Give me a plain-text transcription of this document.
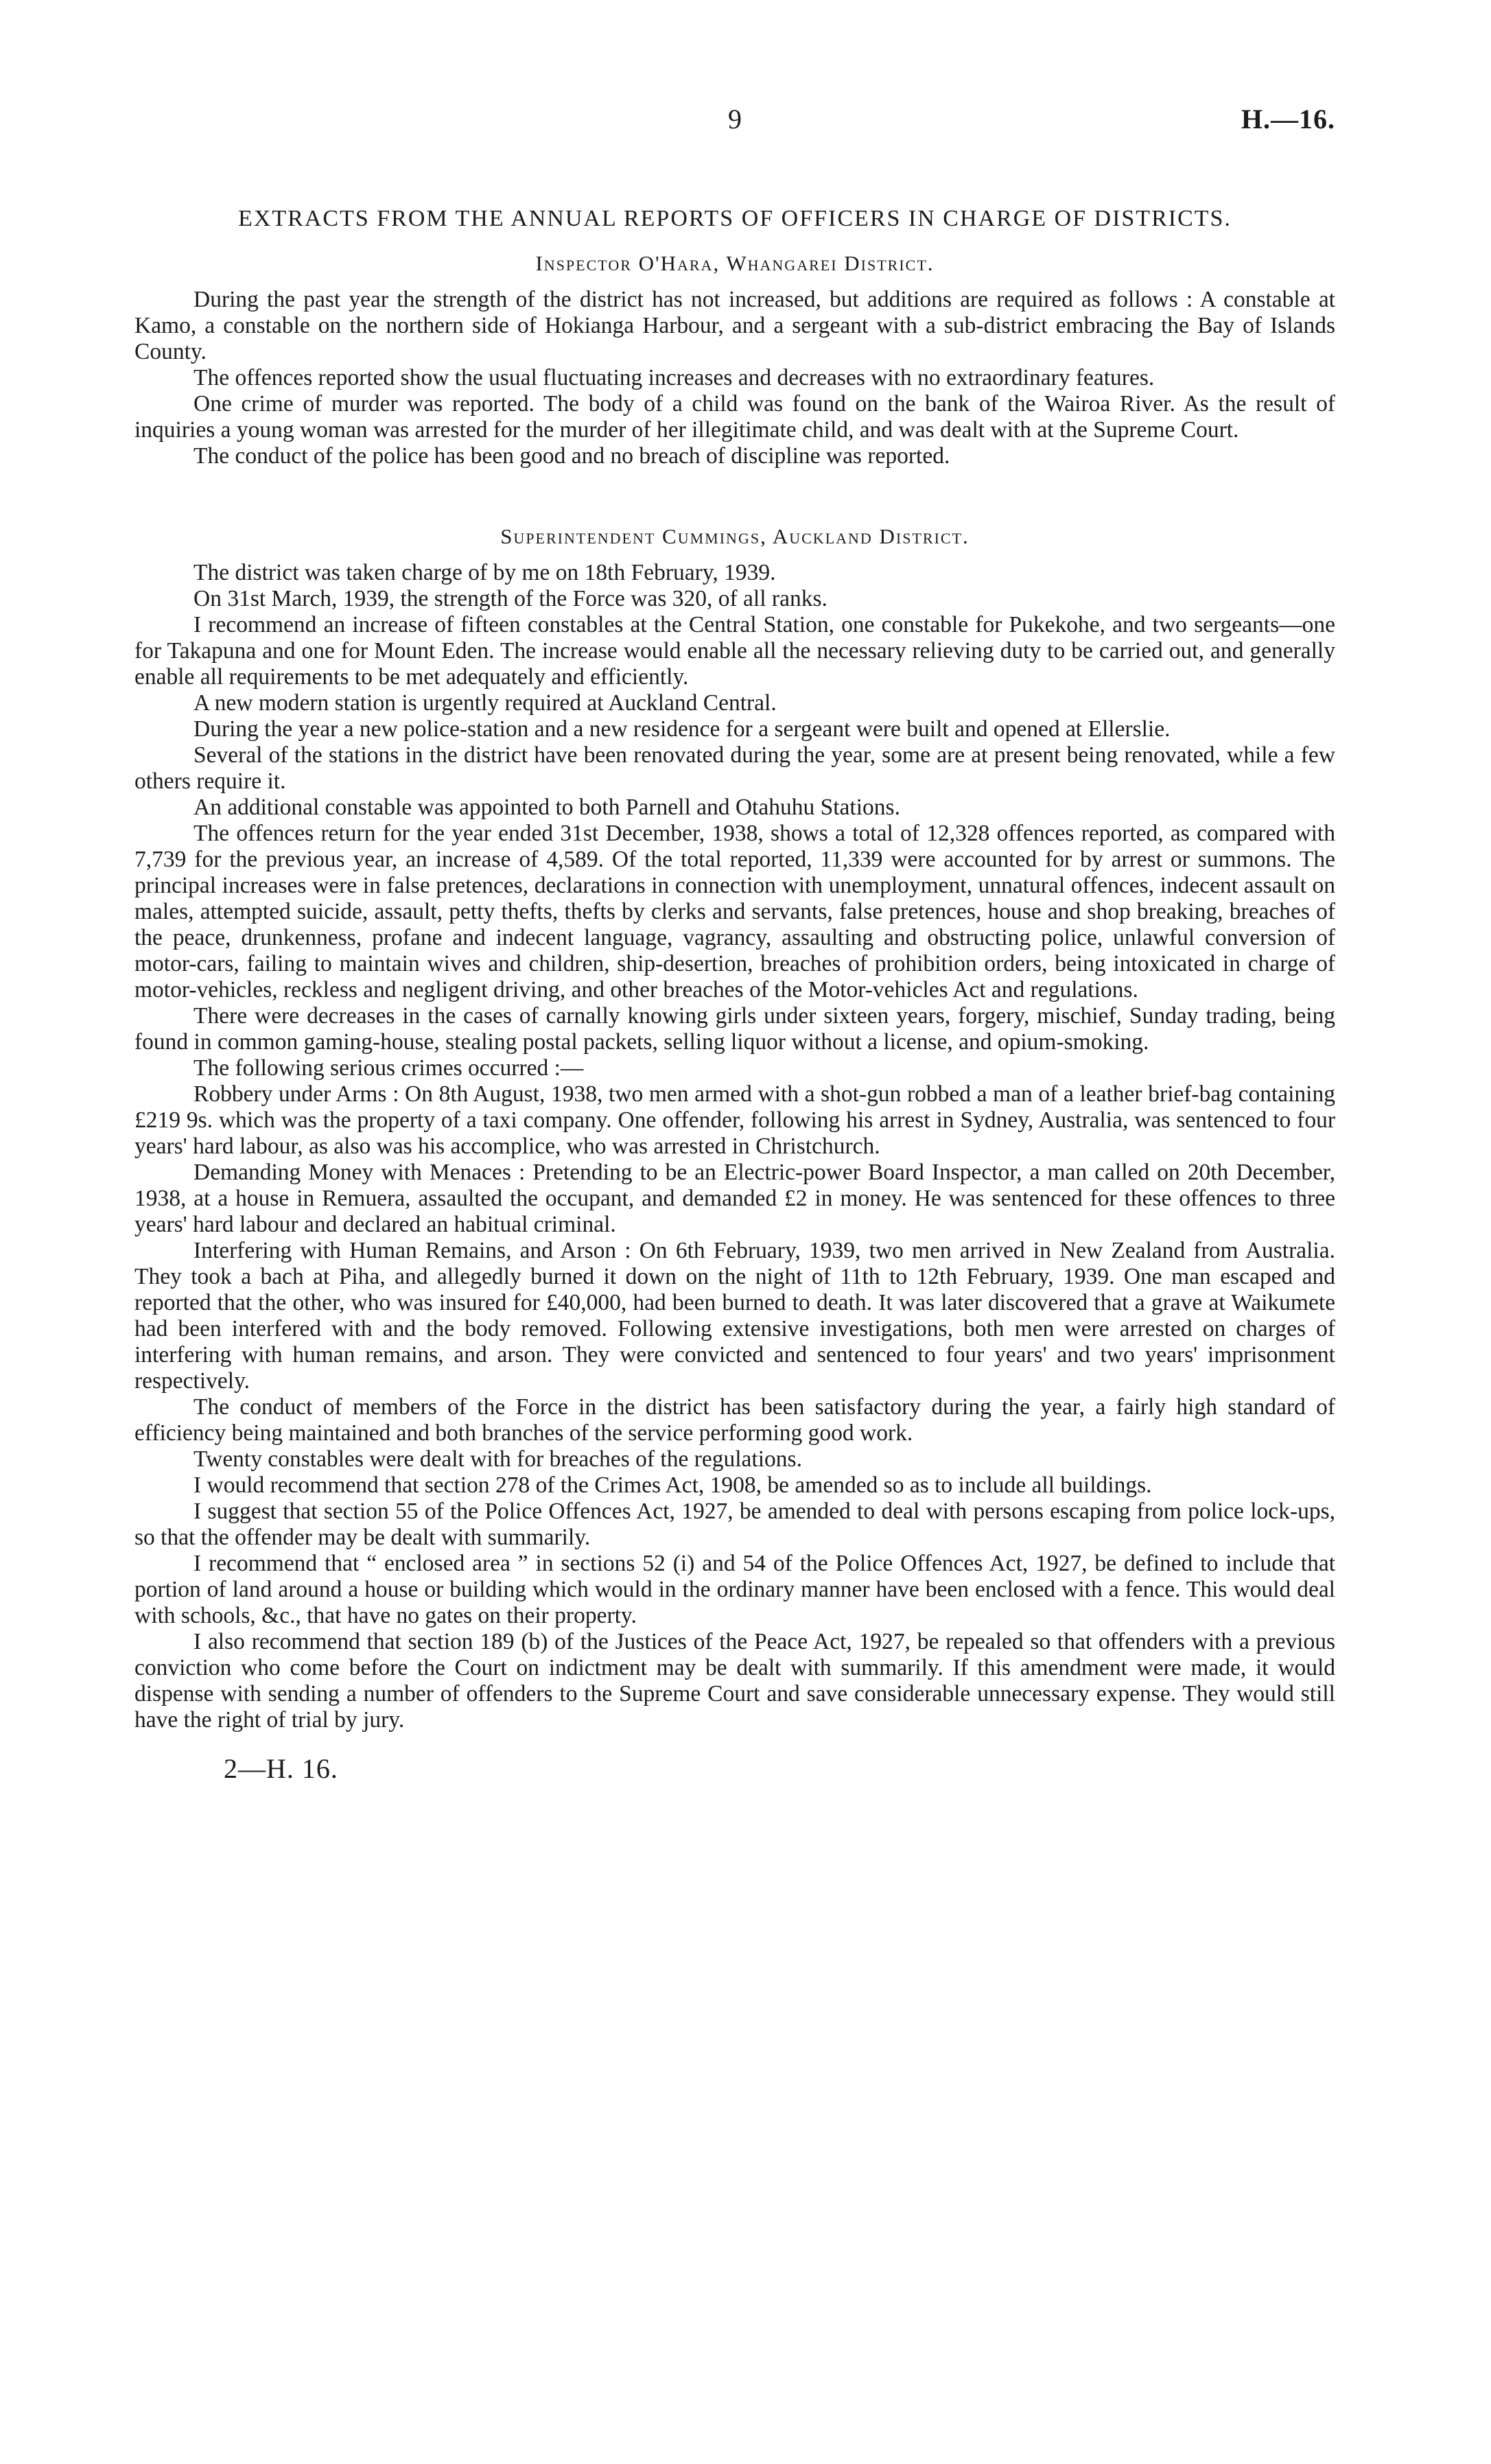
9	H.—16.
EXTRACTS FROM THE ANNUAL REPORTS OF OFFICERS IN CHARGE OF DISTRICTS.
Inspector O'Hara, Whangarei District.

During the past year the strength of the district has not increased, but additions are required as follows : A constable at Kamo, a constable on the northern side of Hokianga Harbour, and a sergeant with a sub-district embracing the Bay of Islands County.

The offences reported show the usual fluctuating increases and decreases with no extraordinary features.

One crime of murder was reported. The body of a child was found on the bank of the Wairoa River. As the result of inquiries a young woman was arrested for the murder of her illegitimate child, and was dealt with at the Supreme Court.

The conduct of the police has been good and no breach of discipline was reported.

Superintendent Cummings, Auckland District.

The district was taken charge of by me on 18th February, 1939.

On 31st March, 1939, the strength of the Force was 320, of all ranks.

I recommend an increase of fifteen constables at the Central Station, one constable for Pukekohe, and two sergeants—one for Takapuna and one for Mount Eden. The increase would enable all the necessary relieving duty to be carried out, and generally enable all requirements to be met adequately and efficiently.

A new modern station is urgently required at Auckland Central.

During the year a new police-station and a new residence for a sergeant were built and opened at Ellerslie.

Several of the stations in the district have been renovated during the year, some are at present being renovated, while a few others require it.

An additional constable was appointed to both Parnell and Otahuhu Stations.

The offences return for the year ended 31st December, 1938, shows a total of 12,328 offences reported, as compared with 7,739 for the previous year, an increase of 4,589. Of the total reported, 11,339 were accounted for by arrest or summons. The principal increases were in false pretences, declarations in connection with unemployment, unnatural offences, indecent assault on males, attempted suicide, assault, petty thefts, thefts by clerks and servants, false pretences, house and shop breaking, breaches of the peace, drunkenness, profane and indecent language, vagrancy, assaulting and obstructing police, unlawful conversion of motor-cars, failing to maintain wives and children, ship-desertion, breaches of prohibition orders, being intoxicated in charge of motor-vehicles, reckless and negligent driving, and other breaches of the Motor-vehicles Act and regulations.

There were decreases in the cases of carnally knowing girls under sixteen years, forgery, mischief, Sunday trading, being found in common gaming-house, stealing postal packets, selling liquor without a license, and opium-smoking.

The following serious crimes occurred :—

Robbery under Arms : On 8th August, 1938, two men armed with a shot-gun robbed a man of a leather brief-bag containing £219 9s. which was the property of a taxi company. One offender, following his arrest in Sydney, Australia, was sentenced to four years' hard labour, as also was his accomplice, who was arrested in Christchurch.

Demanding Money with Menaces : Pretending to be an Electric-power Board Inspector, a man called on 20th December, 1938, at a house in Remuera, assaulted the occupant, and demanded £2 in money. He was sentenced for these offences to three years' hard labour and declared an habitual criminal.

Interfering with Human Remains, and Arson : On 6th February, 1939, two men arrived in New Zealand from Australia. They took a bach at Piha, and allegedly burned it down on the night of 11th to 12th February, 1939. One man escaped and reported that the other, who was insured for £40,000, had been burned to death. It was later discovered that a grave at Waikumete had been interfered with and the body removed. Following extensive investigations, both men were arrested on charges of interfering with human remains, and arson. They were convicted and sentenced to four years' and two years' imprisonment respectively.

The conduct of members of the Force in the district has been satisfactory during the year, a fairly high standard of efficiency being maintained and both branches of the service performing good work.

Twenty constables were dealt with for breaches of the regulations.

I would recommend that section 278 of the Crimes Act, 1908, be amended so as to include all buildings.

I suggest that section 55 of the Police Offences Act, 1927, be amended to deal with persons escaping from police lock-ups, so that the offender may be dealt with summarily.

I recommend that “ enclosed area ” in sections 52 (i) and 54 of the Police Offences Act, 1927, be defined to include that portion of land around a house or building which would in the ordinary manner have been enclosed with a fence. This would deal with schools, &c., that have no gates on their property.

I also recommend that section 189 (b) of the Justices of the Peace Act, 1927, be repealed so that offenders with a previous conviction who come before the Court on indictment may be dealt with summarily. If this amendment were made, it would dispense with sending a number of offenders to the Supreme Court and save considerable unnecessary expense. They would still have the right of trial by jury.

2—H. 16.
